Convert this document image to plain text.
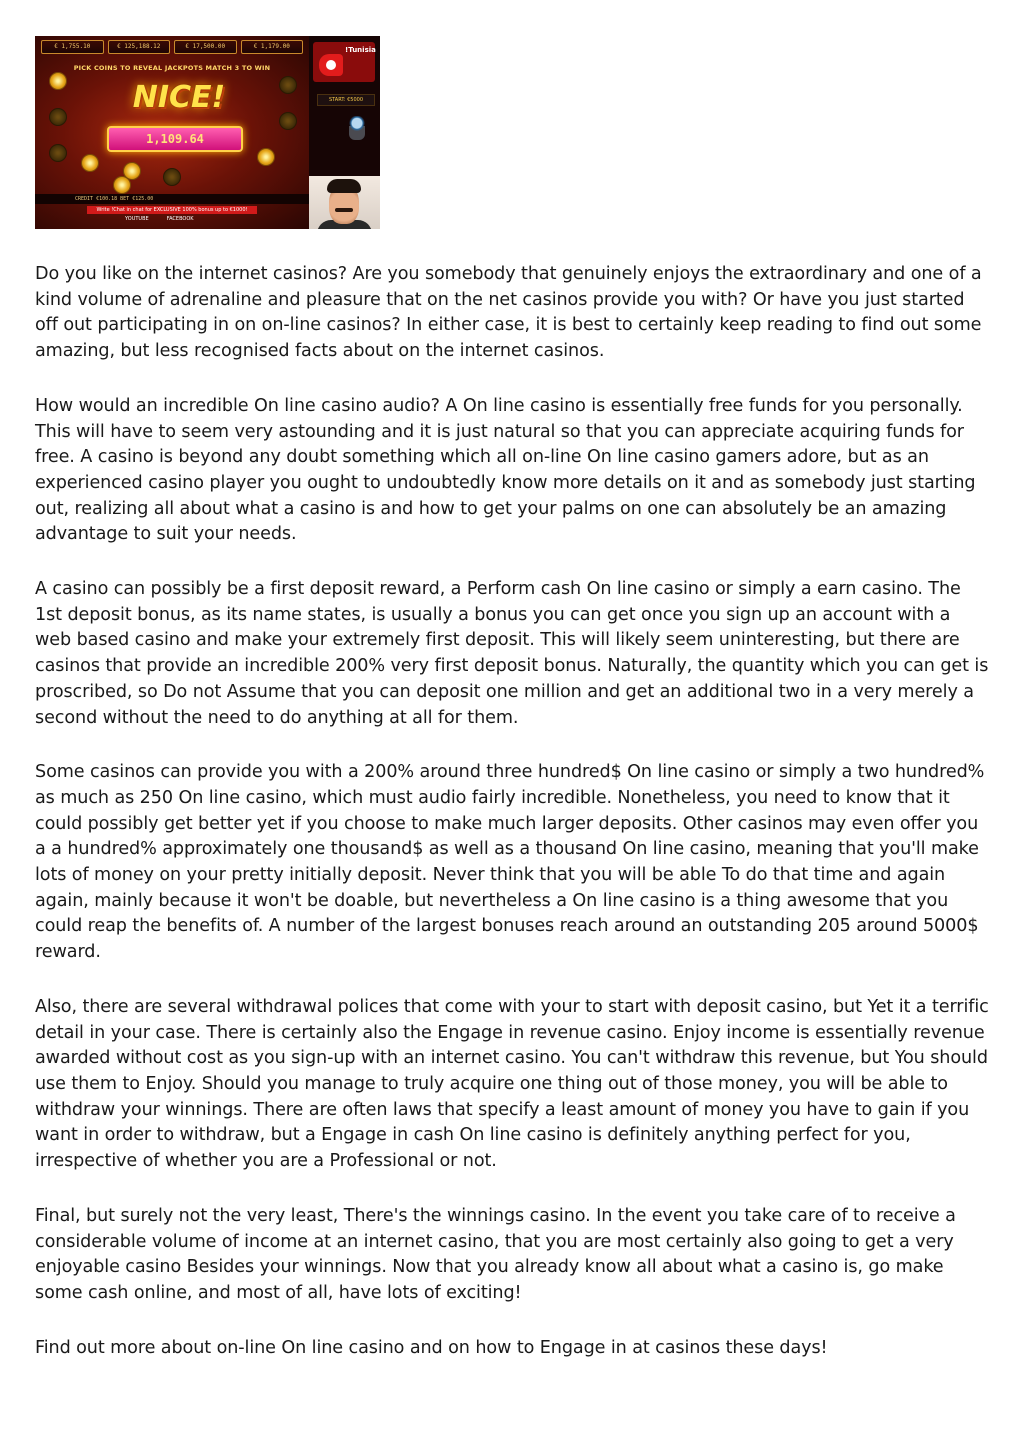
€ 1,755.10	€ 125,188.12	€ 17,500.00	€ 1,179.00
PICK COINS TO REVEAL JACKPOTS MATCH 3 TO WIN
NICE!
1,109.64
CREDIT €100.18 BET €125.00
Write !Chat in chat for EXCLUSIVE 100% bonus up to €1000!
YOUTUBE	FACEBOOK
!Tunisia
START: €5000

Do you like on the internet casinos? Are you somebody that genuinely enjoys the extraordinary and one of a kind volume of adrenaline and pleasure that on the net casinos provide you with? Or have you just started off out participating in on on-line casinos? In either case, it is best to certainly keep reading to find out some amazing, but less recognised facts about on the internet casinos.

How would an incredible On line casino audio? A On line casino is essentially free funds for you personally. This will have to seem very astounding and it is just natural so that you can appreciate acquiring funds for free. A casino is beyond any doubt something which all on-line On line casino gamers adore, but as an experienced casino player you ought to undoubtedly know more details on it and as somebody just starting out, realizing all about what a casino is and how to get your palms on one can absolutely be an amazing advantage to suit your needs.

A casino can possibly be a first deposit reward, a Perform cash On line casino or simply a earn casino. The 1st deposit bonus, as its name states, is usually a bonus you can get once you sign up an account with a web based casino and make your extremely first deposit. This will likely seem uninteresting, but there are casinos that provide an incredible 200% very first deposit bonus. Naturally, the quantity which you can get is proscribed, so Do not Assume that you can deposit one million and get an additional two in a very merely a second without the need to do anything at all for them.

Some casinos can provide you with a 200% around three hundred$ On line casino or simply a two hundred% as much as 250 On line casino, which must audio fairly incredible. Nonetheless, you need to know that it could possibly get better yet if you choose to make much larger deposits. Other casinos may even offer you a a hundred% approximately one thousand$ as well as a thousand On line casino, meaning that you'll make lots of money on your pretty initially deposit. Never think that you will be able To do that time and again again, mainly because it won't be doable, but nevertheless a On line casino is a thing awesome that you could reap the benefits of. A number of the largest bonuses reach around an outstanding 205 around 5000$ reward.

Also, there are several withdrawal polices that come with your to start with deposit casino, but Yet it a terrific detail in your case. There is certainly also the Engage in revenue casino. Enjoy income is essentially revenue awarded without cost as you sign-up with an internet casino. You can't withdraw this revenue, but You should use them to Enjoy. Should you manage to truly acquire one thing out of those money, you will be able to withdraw your winnings. There are often laws that specify a least amount of money you have to gain if you want in order to withdraw, but a Engage in cash On line casino is definitely anything perfect for you, irrespective of whether you are a Professional or not.

Final, but surely not the very least, There's the winnings casino. In the event you take care of to receive a considerable volume of income at an internet casino, that you are most certainly also going to get a very enjoyable casino Besides your winnings. Now that you already know all about what a casino is, go make some cash online, and most of all, have lots of exciting!

Find out more about on-line On line casino and on how to Engage in at casinos these days!
